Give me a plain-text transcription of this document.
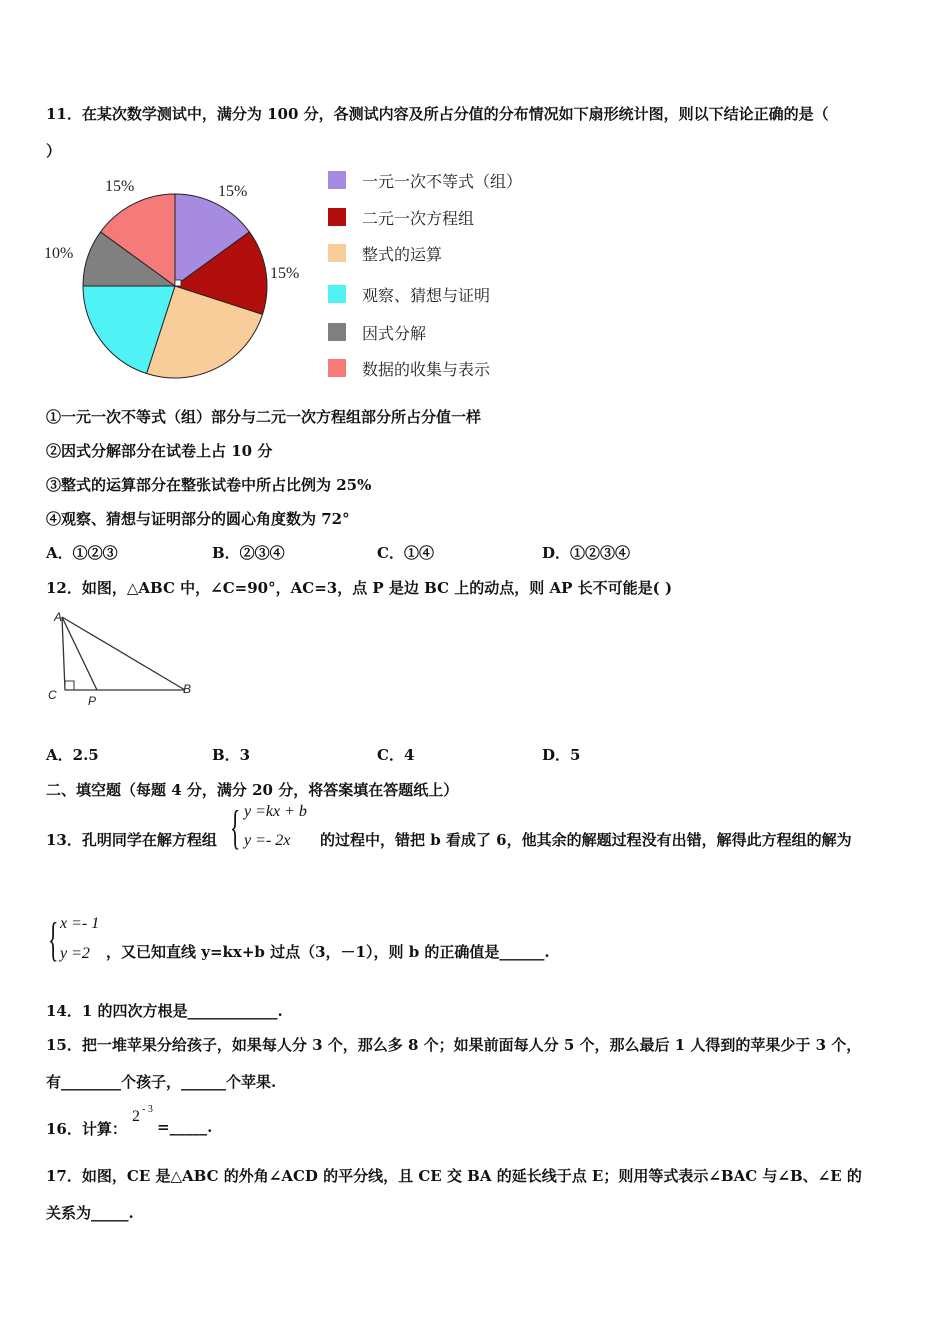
11．在某次数学测试中，满分为 100 分，各测试内容及所占分值的分布情况如下扇形统计图，则以下结论正确的是（
）
15%	15%
15%
10%
一元一次不等式（组）
二元一次方程组
整式的运算
观察、猜想与证明
因式分解
数据的收集与表示
①一元一次不等式（组）部分与二元一次方程组部分所占分值一样
②因式分解部分在试卷上占 10 分
③整式的运算部分在整张试卷中所占比例为 25%
④观察、猜想与证明部分的圆心角度数为 72°
A．①②③	B．②③④	C．①④	D．①②③④
12．如图，△ABC 中，∠C=90°，AC=3，点 P 是边 BC 上的动点，则 AP 长不可能是( )
A
C	P
B
A．2.5	B．3	C．4	D．5
二、填空题（每题 4 分，满分 20 分，将答案填在答题纸上）
13．孔明同学在解方程组 { y =kx + b
y =- 2x 的过程中，错把 b 看成了 6，他其余的解题过程没有出错，解得此方程组的解为
{ x =- 1
y =2 ，又已知直线 y=kx+b 过点（3，－1），则 b 的正确值是______.
14．1 的四次方根是____________.
15．把一堆苹果分给孩子，如果每人分 3 个，那么多 8 个；如果前面每人分 5 个，那么最后 1 人得到的苹果少于 3 个，
有________个孩子，______个苹果.
16．计算：
2 - 3
=_____.
17．如图，CE 是△ABC 的外角∠ACD 的平分线，且 CE 交 BA 的延长线于点 E；则用等式表示∠BAC 与∠B、∠E 的
关系为_____.
